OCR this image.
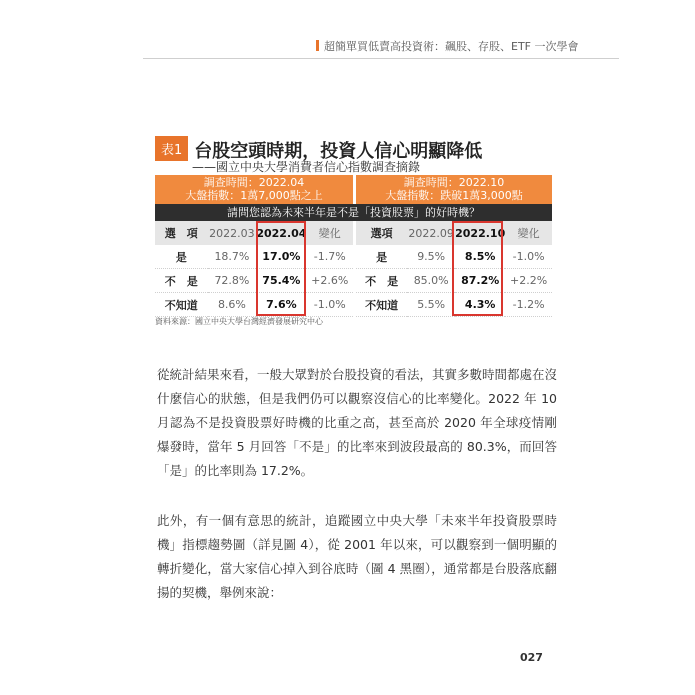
超簡單買低賣高投資術：飆股、存股、ETF 一次學會
表1 台股空頭時期，投資人信心明顯降低
——國立中央大學消費者信心指數調查摘錄
調查時間：2022.04
大盤指數：1萬7,000點之上
調查時間：2022.10
大盤指數：跌破1萬3,000點
請問您認為未來半年是不是「投資股票」的好時機？
選　項	2022.03	2022.04	變化
是	18.7%	17.0%	-1.7%
不　是	72.8%	75.4%	+2.6%
不知道	8.6%	7.6%	-1.0%
選項	2022.09	2022.10	變化
是	9.5%	8.5%	-1.0%
不　是	85.0%	87.2%	+2.2%
不知道	5.5%	4.3%	-1.2%
資料來源：國立中央大學台灣經濟發展研究中心
從統計結果來看，一般大眾對於台股投資的看法，其實多數時間都處在沒什麼信心的狀態，但是我們仍可以觀察沒信心的比率變化。2022 年 10 月認為不是投資股票好時機的比重之高，甚至高於 2020 年全球疫情剛爆發時，當年 5 月回答「不是」的比率來到波段最高的 80.3%，而回答「是」的比率則為 17.2%。
此外，有一個有意思的統計，追蹤國立中央大學「未來半年投資股票時機」指標趨勢圖（詳見圖 4），從 2001 年以來，可以觀察到一個明顯的轉折變化，當大家信心掉入到谷底時（圖 4 黑圈），通常都是台股落底翻揚的契機，舉例來說：
027
